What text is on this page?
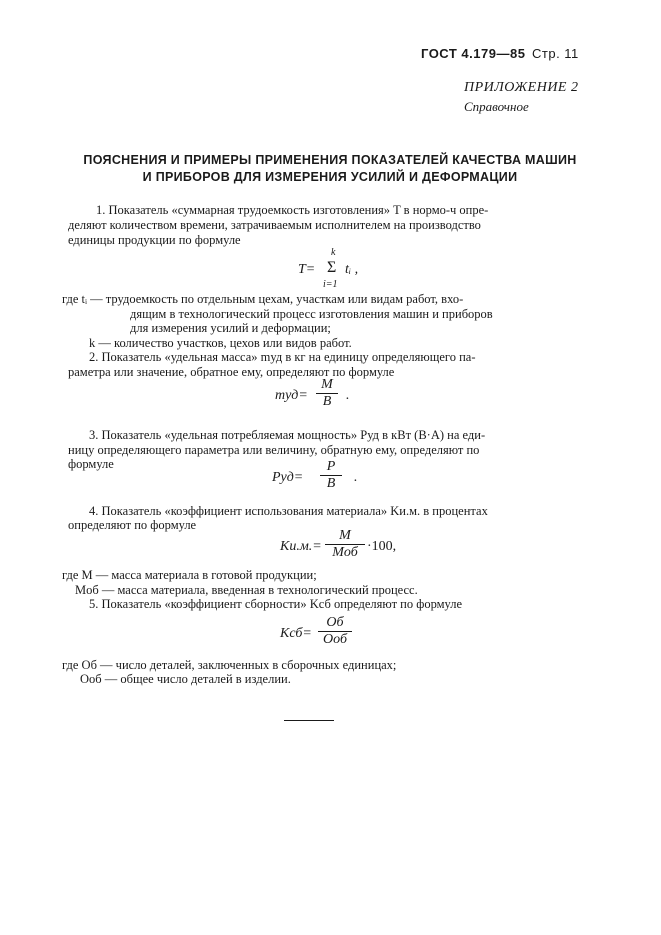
ГОСТ 4.179—85 Стр. 11
ПРИЛОЖЕНИЕ 2
Справочное
ПОЯСНЕНИЯ И ПРИМЕРЫ ПРИМЕНЕНИЯ ПОКАЗАТЕЛЕЙ КАЧЕСТВА МАШИН
И ПРИБОРОВ ДЛЯ ИЗМЕРЕНИЯ УСИЛИЙ И ДЕФОРМАЦИИ
1. Показатель «суммарная трудоемкость изготовления» T в нормо-ч опре-
деляют количеством времени, затрачиваемым исполнителем на производство
единицы продукции по формуле
T=
k
Σ
i=1
tᵢ ,
где tᵢ — трудоемкость по отдельным цехам, участкам или видам работ, вхо-
дящим в технологический процесс изготовления машин и приборов
для измерения усилий и деформации;
k — количество участков, цехов или видов работ.
2. Показатель «удельная масса» mуд в кг на единицу определяющего па-
раметра или значение, обратное ему, определяют по формуле
$mуд= \frac{M}{B}$ .
3. Показатель «удельная потребляемая мощность» Pуд в кВт (В·А) на еди-
ницу определяющего параметра или величину, обратную ему, определяют по
формуле
$Pуд= \frac{P}{B}$ .
4. Показатель «коэффициент использования материала» Kи.м. в процентах
определяют по формуле
Kи.м.=
M
Mоб ·100,
где M — масса материала в готовой продукции;
Mоб — масса материала, введенная в технологический процесс.
5. Показатель «коэффициент сборности» Kсб определяют по формуле
Kсб=
Oб
Oоб
где Oб — число деталей, заключенных в сборочных единицах;
Oоб — общее число деталей в изделии.
